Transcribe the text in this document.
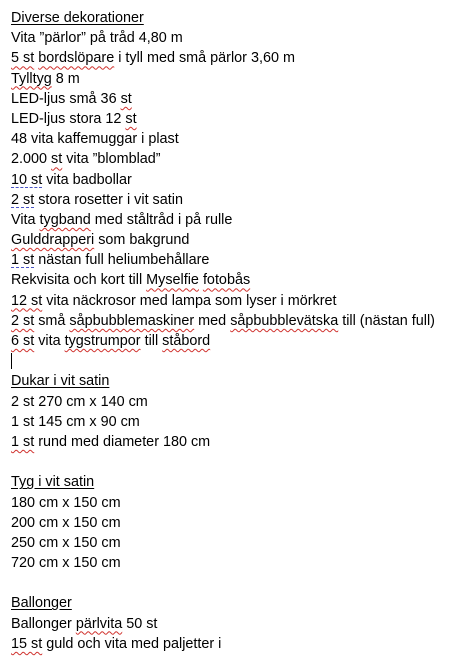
Diverse dekorationer
Vita ”pärlor” på tråd 4,80 m
5 st bordslöpare i tyll med små pärlor 3,60 m
Tylltyg 8 m
LED-ljus små 36 st
LED-ljus stora 12 st
48 vita kaffemuggar i plast
2.000 st vita ”blomblad”
10 st vita badbollar
2 st stora rosetter i vit satin
Vita tygband med ståltråd i på rulle
Gulddrapperi som bakgrund
1 st nästan full heliumbehållare
Rekvisita och kort till Myselfie fotobås
12 st vita näckrosor med lampa som lyser i mörkret
2 st små såpbubblemaskiner med såpbubblevätska till (nästan full)
6 st vita tygstrumpor till ståbord
Dukar i vit satin
2 st 270 cm x 140 cm
1 st 145 cm x 90 cm
1 st rund med diameter 180 cm
Tyg i vit satin
180 cm x 150 cm
200 cm x 150 cm
250 cm x 150 cm
720 cm x 150 cm
Ballonger
Ballonger pärlvita 50 st
15 st guld och vita med paljetter i
